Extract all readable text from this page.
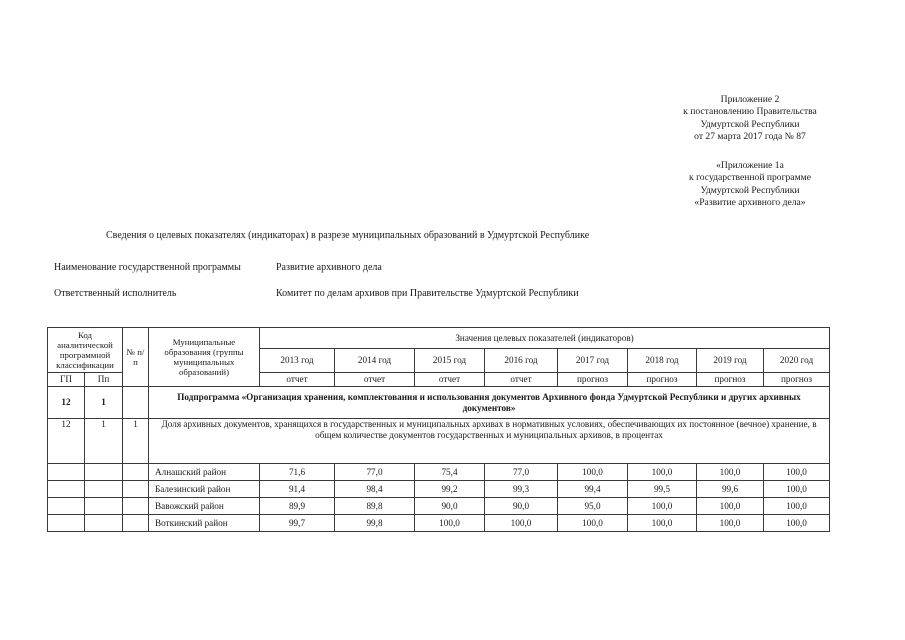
Приложение 2
к постановлению Правительства
Удмуртской Республики
от 27 марта 2017 года № 87
«Приложение 1а
к государственной программе
Удмуртской Республики
«Развитие архивного дела»
Сведения о целевых показателях (индикаторах) в разрезе муниципальных образований в Удмуртской Республике
Наименование государственной программы	Развитие архивного дела
Ответственный исполнитель	Комитет по делам архивов при Правительстве Удмуртской Республики
Код аналитической программной классификации		№ п/п	Муниципальные образования (группы муниципальных образований)	Значения целевых показателей (индикаторов)							
				2013 год	2014 год	2015 год	2016 год	2017 год	2018 год	2019 год	2020 год
ГП	Пп			отчет	отчет	отчет	отчет	прогноз	прогноз	прогноз	прогноз
12	1		Подпрограмма «Организация хранения, комплектования и использования документов Архивного фонда Удмуртской Республики и других архивных документов»								
12	1	1	Доля архивных документов, хранящихся в государственных и муниципальных архивах в нормативных условиях, обеспечивающих их постоянное (вечное) хранение, в общем количестве документов государственных и муниципальных архивов, в процентах								
			Алнашский район	71,6	77,0	75,4	77,0	100,0	100,0	100,0	100,0
			Балезинский район	91,4	98,4	99,2	99,3	99,4	99,5	99,6	100,0
			Вавожский район	89,9	89,8	90,0	90,0	95,0	100,0	100,0	100,0
			Воткинский район	99,7	99,8	100,0	100,0	100,0	100,0	100,0	100,0
